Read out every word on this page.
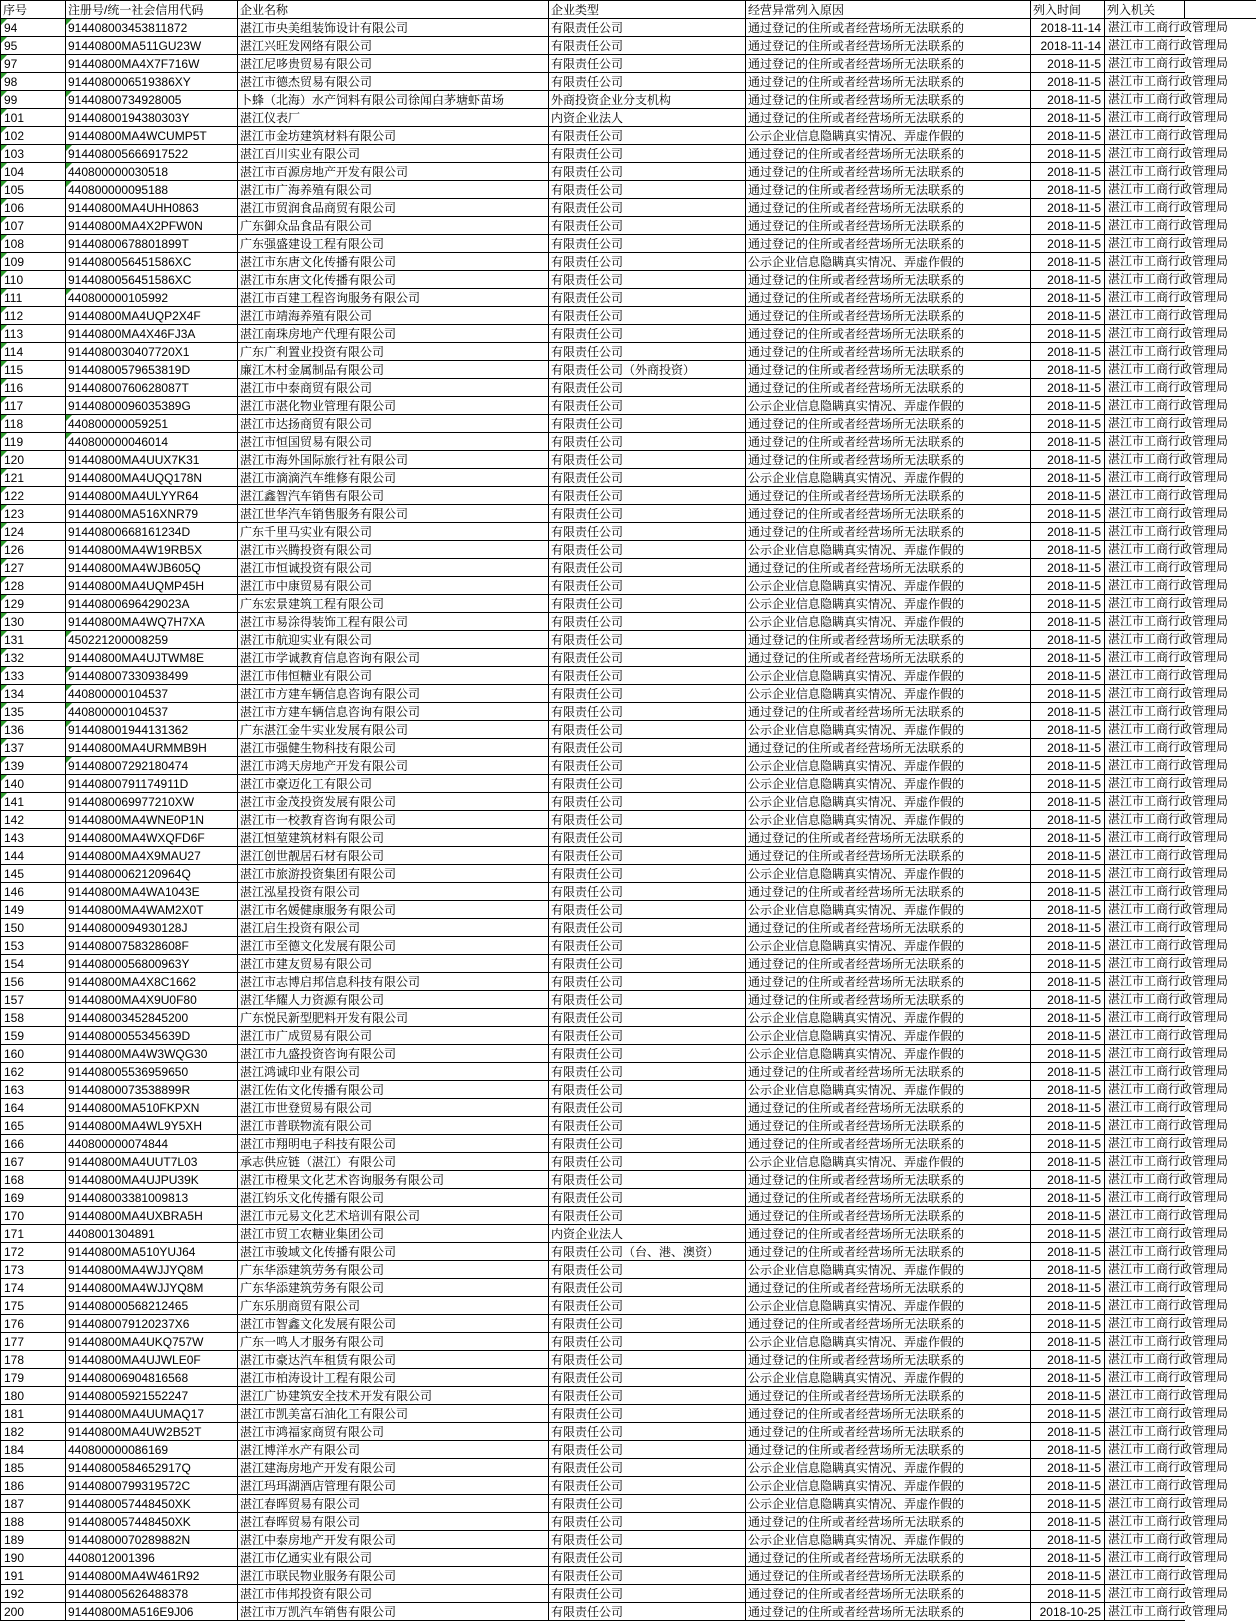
序号	注册号/统一社会信用代码	企业名称	企业类型	经营异常列入原因	列入时间	列入机关	

94	914408003453811872	湛江市央美组装饰设计有限公司	有限责任公司	通过登记的住所或者经营场所无法联系的	2018-11-14	湛江市工商行政管理局	

95	91440800MA511GU23W	湛江兴旺发网络有限公司	有限责任公司	通过登记的住所或者经营场所无法联系的	2018-11-14	湛江市工商行政管理局	

97	91440800MA4X7F716W	湛江尼哆贵贸易有限公司	有限责任公司	通过登记的住所或者经营场所无法联系的	2018-11-5	湛江市工商行政管理局	

98	9144080006519386XY	湛江市德杰贸易有限公司	有限责任公司	通过登记的住所或者经营场所无法联系的	2018-11-5	湛江市工商行政管理局	

99	91440800734928005	卜蜂（北海）水产饲料有限公司徐闻白茅塘虾苗场	外商投资企业分支机构	通过登记的住所或者经营场所无法联系的	2018-11-5	湛江市工商行政管理局	

101	91440800194380303Y	湛江仪表厂	内资企业法人	通过登记的住所或者经营场所无法联系的	2018-11-5	湛江市工商行政管理局	

102	91440800MA4WCUMP5T	湛江市金坊建筑材料有限公司	有限责任公司	公示企业信息隐瞒真实情况、弄虚作假的	2018-11-5	湛江市工商行政管理局	

103	914408005666917522	湛江百川实业有限公司	有限责任公司	通过登记的住所或者经营场所无法联系的	2018-11-5	湛江市工商行政管理局	

104	440800000030518	湛江市百源房地产开发有限公司	有限责任公司	通过登记的住所或者经营场所无法联系的	2018-11-5	湛江市工商行政管理局	

105	440800000095188	湛江市广海养殖有限公司	有限责任公司	通过登记的住所或者经营场所无法联系的	2018-11-5	湛江市工商行政管理局	

106	91440800MA4UHH0863	湛江市贸润食品商贸有限公司	有限责任公司	通过登记的住所或者经营场所无法联系的	2018-11-5	湛江市工商行政管理局	

107	91440800MA4X2PFW0N	广东御众品食品有限公司	有限责任公司	通过登记的住所或者经营场所无法联系的	2018-11-5	湛江市工商行政管理局	

108	91440800678801899T	广东强盛建设工程有限公司	有限责任公司	通过登记的住所或者经营场所无法联系的	2018-11-5	湛江市工商行政管理局	

109	9144080056451586XC	湛江市东唐文化传播有限公司	有限责任公司	公示企业信息隐瞒真实情况、弄虚作假的	2018-11-5	湛江市工商行政管理局	

110	9144080056451586XC	湛江市东唐文化传播有限公司	有限责任公司	通过登记的住所或者经营场所无法联系的	2018-11-5	湛江市工商行政管理局	

111	440800000105992	湛江市百建工程咨询服务有限公司	有限责任公司	通过登记的住所或者经营场所无法联系的	2018-11-5	湛江市工商行政管理局	

112	91440800MA4UQP2X4F	湛江市靖海养殖有限公司	有限责任公司	通过登记的住所或者经营场所无法联系的	2018-11-5	湛江市工商行政管理局	

113	91440800MA4X46FJ3A	湛江南珠房地产代理有限公司	有限责任公司	通过登记的住所或者经营场所无法联系的	2018-11-5	湛江市工商行政管理局	

114	9144080030407720X1	广东广利置业投资有限公司	有限责任公司	通过登记的住所或者经营场所无法联系的	2018-11-5	湛江市工商行政管理局	

115	91440800579653819D	廉江木村金属制品有限公司	有限责任公司（外商投资）	通过登记的住所或者经营场所无法联系的	2018-11-5	湛江市工商行政管理局	

116	91440800760628087T	湛江市中泰商贸有限公司	有限责任公司	通过登记的住所或者经营场所无法联系的	2018-11-5	湛江市工商行政管理局	

117	91440800096035389G	湛江市湛化物业管理有限公司	有限责任公司	公示企业信息隐瞒真实情况、弄虚作假的	2018-11-5	湛江市工商行政管理局	

118	440800000059251	湛江市达扬商贸有限公司	有限责任公司	通过登记的住所或者经营场所无法联系的	2018-11-5	湛江市工商行政管理局	

119	440800000046014	湛江市恒国贸易有限公司	有限责任公司	通过登记的住所或者经营场所无法联系的	2018-11-5	湛江市工商行政管理局	

120	91440800MA4UUX7K31	湛江市海外国际旅行社有限公司	有限责任公司	通过登记的住所或者经营场所无法联系的	2018-11-5	湛江市工商行政管理局	

121	91440800MA4UQQ178N	湛江市滴滴汽车维修有限公司	有限责任公司	公示企业信息隐瞒真实情况、弄虚作假的	2018-11-5	湛江市工商行政管理局	

122	91440800MA4ULYYR64	湛江鑫智汽车销售有限公司	有限责任公司	通过登记的住所或者经营场所无法联系的	2018-11-5	湛江市工商行政管理局	

123	91440800MA516XNR79	湛江世华汽车销售服务有限公司	有限责任公司	通过登记的住所或者经营场所无法联系的	2018-11-5	湛江市工商行政管理局	

124	91440800668161234D	广东千里马实业有限公司	有限责任公司	通过登记的住所或者经营场所无法联系的	2018-11-5	湛江市工商行政管理局	

126	91440800MA4W19RB5X	湛江市兴腾投资有限公司	有限责任公司	公示企业信息隐瞒真实情况、弄虚作假的	2018-11-5	湛江市工商行政管理局	

127	91440800MA4WJB605Q	湛江市恒诚投资有限公司	有限责任公司	通过登记的住所或者经营场所无法联系的	2018-11-5	湛江市工商行政管理局	

128	91440800MA4UQMP45H	湛江市中康贸易有限公司	有限责任公司	公示企业信息隐瞒真实情况、弄虚作假的	2018-11-5	湛江市工商行政管理局	

129	91440800696429023A	广东宏景建筑工程有限公司	有限责任公司	公示企业信息隐瞒真实情况、弄虚作假的	2018-11-5	湛江市工商行政管理局	

130	91440800MA4WQ7H7XA	湛江市易涂得装饰工程有限公司	有限责任公司	公示企业信息隐瞒真实情况、弄虚作假的	2018-11-5	湛江市工商行政管理局	

131	450221200008259	湛江市航迎实业有限公司	有限责任公司	通过登记的住所或者经营场所无法联系的	2018-11-5	湛江市工商行政管理局	

132	91440800MA4UJTWM8E	湛江市学诚教育信息咨询有限公司	有限责任公司	通过登记的住所或者经营场所无法联系的	2018-11-5	湛江市工商行政管理局	

133	914408007330938499	湛江市伟恒糖业有限公司	有限责任公司	公示企业信息隐瞒真实情况、弄虚作假的	2018-11-5	湛江市工商行政管理局	

134	440800000104537	湛江市方建车辆信息咨询有限公司	有限责任公司	公示企业信息隐瞒真实情况、弄虚作假的	2018-11-5	湛江市工商行政管理局	

135	440800000104537	湛江市方建车辆信息咨询有限公司	有限责任公司	通过登记的住所或者经营场所无法联系的	2018-11-5	湛江市工商行政管理局	

136	914408001944131362	广东湛江金牛实业发展有限公司	有限责任公司	公示企业信息隐瞒真实情况、弄虚作假的	2018-11-5	湛江市工商行政管理局	

137	91440800MA4URMMB9H	湛江市强健生物科技有限公司	有限责任公司	通过登记的住所或者经营场所无法联系的	2018-11-5	湛江市工商行政管理局	

139	914408007292180474	湛江市鸿天房地产开发有限公司	有限责任公司	公示企业信息隐瞒真实情况、弄虚作假的	2018-11-5	湛江市工商行政管理局	

140	91440800791174911D	湛江市豪迈化工有限公司	有限责任公司	公示企业信息隐瞒真实情况、弄虚作假的	2018-11-5	湛江市工商行政管理局	

141	9144080069977210XW	湛江市金茂投资发展有限公司	有限责任公司	公示企业信息隐瞒真实情况、弄虚作假的	2018-11-5	湛江市工商行政管理局	

142	91440800MA4WNE0P1N	湛江市一校教育咨询有限公司	有限责任公司	公示企业信息隐瞒真实情况、弄虚作假的	2018-11-5	湛江市工商行政管理局	

143	91440800MA4WXQFD6F	湛江恒堃建筑材料有限公司	有限责任公司	通过登记的住所或者经营场所无法联系的	2018-11-5	湛江市工商行政管理局	

144	91440800MA4X9MAU27	湛江创世靓居石材有限公司	有限责任公司	通过登记的住所或者经营场所无法联系的	2018-11-5	湛江市工商行政管理局	

145	91440800062120964Q	湛江市旅游投资集团有限公司	有限责任公司	公示企业信息隐瞒真实情况、弄虚作假的	2018-11-5	湛江市工商行政管理局	

146	91440800MA4WA1043E	湛江泓星投资有限公司	有限责任公司	通过登记的住所或者经营场所无法联系的	2018-11-5	湛江市工商行政管理局	

149	91440800MA4WAM2X0T	湛江市名媛健康服务有限公司	有限责任公司	公示企业信息隐瞒真实情况、弄虚作假的	2018-11-5	湛江市工商行政管理局	

150	91440800094930128J	湛江启生投资有限公司	有限责任公司	通过登记的住所或者经营场所无法联系的	2018-11-5	湛江市工商行政管理局	

153	91440800758328608F	湛江市至德文化发展有限公司	有限责任公司	公示企业信息隐瞒真实情况、弄虚作假的	2018-11-5	湛江市工商行政管理局	

154	91440800056800963Y	湛江市建友贸易有限公司	有限责任公司	通过登记的住所或者经营场所无法联系的	2018-11-5	湛江市工商行政管理局	

156	91440800MA4X8C1662	湛江市志博启邦信息科技有限公司	有限责任公司	通过登记的住所或者经营场所无法联系的	2018-11-5	湛江市工商行政管理局	

157	91440800MA4X9U0F80	湛江华耀人力资源有限公司	有限责任公司	通过登记的住所或者经营场所无法联系的	2018-11-5	湛江市工商行政管理局	

158	914408003452845200	广东悦民新型肥料开发有限公司	有限责任公司	公示企业信息隐瞒真实情况、弄虚作假的	2018-11-5	湛江市工商行政管理局	

159	91440800055345639D	湛江市广成贸易有限公司	有限责任公司	公示企业信息隐瞒真实情况、弄虚作假的	2018-11-5	湛江市工商行政管理局	

160	91440800MA4W3WQG30	湛江市九盛投资咨询有限公司	有限责任公司	公示企业信息隐瞒真实情况、弄虚作假的	2018-11-5	湛江市工商行政管理局	

162	914408005536959650	湛江鸿诚印业有限公司	有限责任公司	通过登记的住所或者经营场所无法联系的	2018-11-5	湛江市工商行政管理局	

163	91440800073538899R	湛江佐佑文化传播有限公司	有限责任公司	公示企业信息隐瞒真实情况、弄虚作假的	2018-11-5	湛江市工商行政管理局	

164	91440800MA510FKPXN	湛江市世登贸易有限公司	有限责任公司	通过登记的住所或者经营场所无法联系的	2018-11-5	湛江市工商行政管理局	

165	91440800MA4WL9Y5XH	湛江市普联物流有限公司	有限责任公司	通过登记的住所或者经营场所无法联系的	2018-11-5	湛江市工商行政管理局	

166	440800000074844	湛江市翔明电子科技有限公司	有限责任公司	通过登记的住所或者经营场所无法联系的	2018-11-5	湛江市工商行政管理局	

167	91440800MA4UUT7L03	承志供应链（湛江）有限公司	有限责任公司	公示企业信息隐瞒真实情况、弄虚作假的	2018-11-5	湛江市工商行政管理局	

168	91440800MA4UJPU39K	湛江市橙果文化艺术咨询服务有限公司	有限责任公司	通过登记的住所或者经营场所无法联系的	2018-11-5	湛江市工商行政管理局	

169	914408003381009813	湛江钧乐文化传播有限公司	有限责任公司	通过登记的住所或者经营场所无法联系的	2018-11-5	湛江市工商行政管理局	

170	91440800MA4UXBRA5H	湛江市元易文化艺术培训有限公司	有限责任公司	通过登记的住所或者经营场所无法联系的	2018-11-5	湛江市工商行政管理局	

171	4408001304891	湛江市贸工农糖业集团公司	内资企业法人	通过登记的住所或者经营场所无法联系的	2018-11-5	湛江市工商行政管理局	

172	91440800MA510YUJ64	湛江市骏域文化传播有限公司	有限责任公司（台、港、澳资）	通过登记的住所或者经营场所无法联系的	2018-11-5	湛江市工商行政管理局	

173	91440800MA4WJJYQ8M	广东华添建筑劳务有限公司	有限责任公司	公示企业信息隐瞒真实情况、弄虚作假的	2018-11-5	湛江市工商行政管理局	

174	91440800MA4WJJYQ8M	广东华添建筑劳务有限公司	有限责任公司	通过登记的住所或者经营场所无法联系的	2018-11-5	湛江市工商行政管理局	

175	914408000568212465	广东乐朋商贸有限公司	有限责任公司	公示企业信息隐瞒真实情况、弄虚作假的	2018-11-5	湛江市工商行政管理局	

176	9144080079120237X6	湛江市智鑫文化发展有限公司	有限责任公司	通过登记的住所或者经营场所无法联系的	2018-11-5	湛江市工商行政管理局	

177	91440800MA4UKQ757W	广东一鸣人才服务有限公司	有限责任公司	公示企业信息隐瞒真实情况、弄虚作假的	2018-11-5	湛江市工商行政管理局	

178	91440800MA4UJWLE0F	湛江市豪达汽车租赁有限公司	有限责任公司	通过登记的住所或者经营场所无法联系的	2018-11-5	湛江市工商行政管理局	

179	914408006904816568	湛江市柏涛设计工程有限公司	有限责任公司	公示企业信息隐瞒真实情况、弄虚作假的	2018-11-5	湛江市工商行政管理局	

180	914408005921552247	湛江广协建筑安全技术开发有限公司	有限责任公司	通过登记的住所或者经营场所无法联系的	2018-11-5	湛江市工商行政管理局	

181	91440800MA4UUMAQ17	湛江市凯美富石油化工有限公司	有限责任公司	通过登记的住所或者经营场所无法联系的	2018-11-5	湛江市工商行政管理局	

182	91440800MA4UW2B52T	湛江市鸿福家商贸有限公司	有限责任公司	通过登记的住所或者经营场所无法联系的	2018-11-5	湛江市工商行政管理局	

184	440800000086169	湛江博洋水产有限公司	有限责任公司	通过登记的住所或者经营场所无法联系的	2018-11-5	湛江市工商行政管理局	

185	91440800584652917Q	湛江建海房地产开发有限公司	有限责任公司	公示企业信息隐瞒真实情况、弄虚作假的	2018-11-5	湛江市工商行政管理局	

186	91440800799319572C	湛江玛珥湖酒店管理有限公司	有限责任公司	公示企业信息隐瞒真实情况、弄虚作假的	2018-11-5	湛江市工商行政管理局	

187	9144080057448450XK	湛江春晖贸易有限公司	有限责任公司	公示企业信息隐瞒真实情况、弄虚作假的	2018-11-5	湛江市工商行政管理局	

188	9144080057448450XK	湛江春晖贸易有限公司	有限责任公司	通过登记的住所或者经营场所无法联系的	2018-11-5	湛江市工商行政管理局	

189	91440800070289882N	湛江中泰房地产开发有限公司	有限责任公司	公示企业信息隐瞒真实情况、弄虚作假的	2018-11-5	湛江市工商行政管理局	

190	4408012001396	湛江市亿通实业有限公司	有限责任公司	通过登记的住所或者经营场所无法联系的	2018-11-5	湛江市工商行政管理局	

191	91440800MA4W461R92	湛江市联民物业服务有限公司	有限责任公司	通过登记的住所或者经营场所无法联系的	2018-11-5	湛江市工商行政管理局	

192	914408005626488378	湛江市伟邦投资有限公司	有限责任公司	通过登记的住所或者经营场所无法联系的	2018-11-5	湛江市工商行政管理局	

200	91440800MA516E9J06	湛江市万凯汽车销售有限公司	有限责任公司	通过登记的住所或者经营场所无法联系的	2018-10-25	湛江市工商行政管理局	
